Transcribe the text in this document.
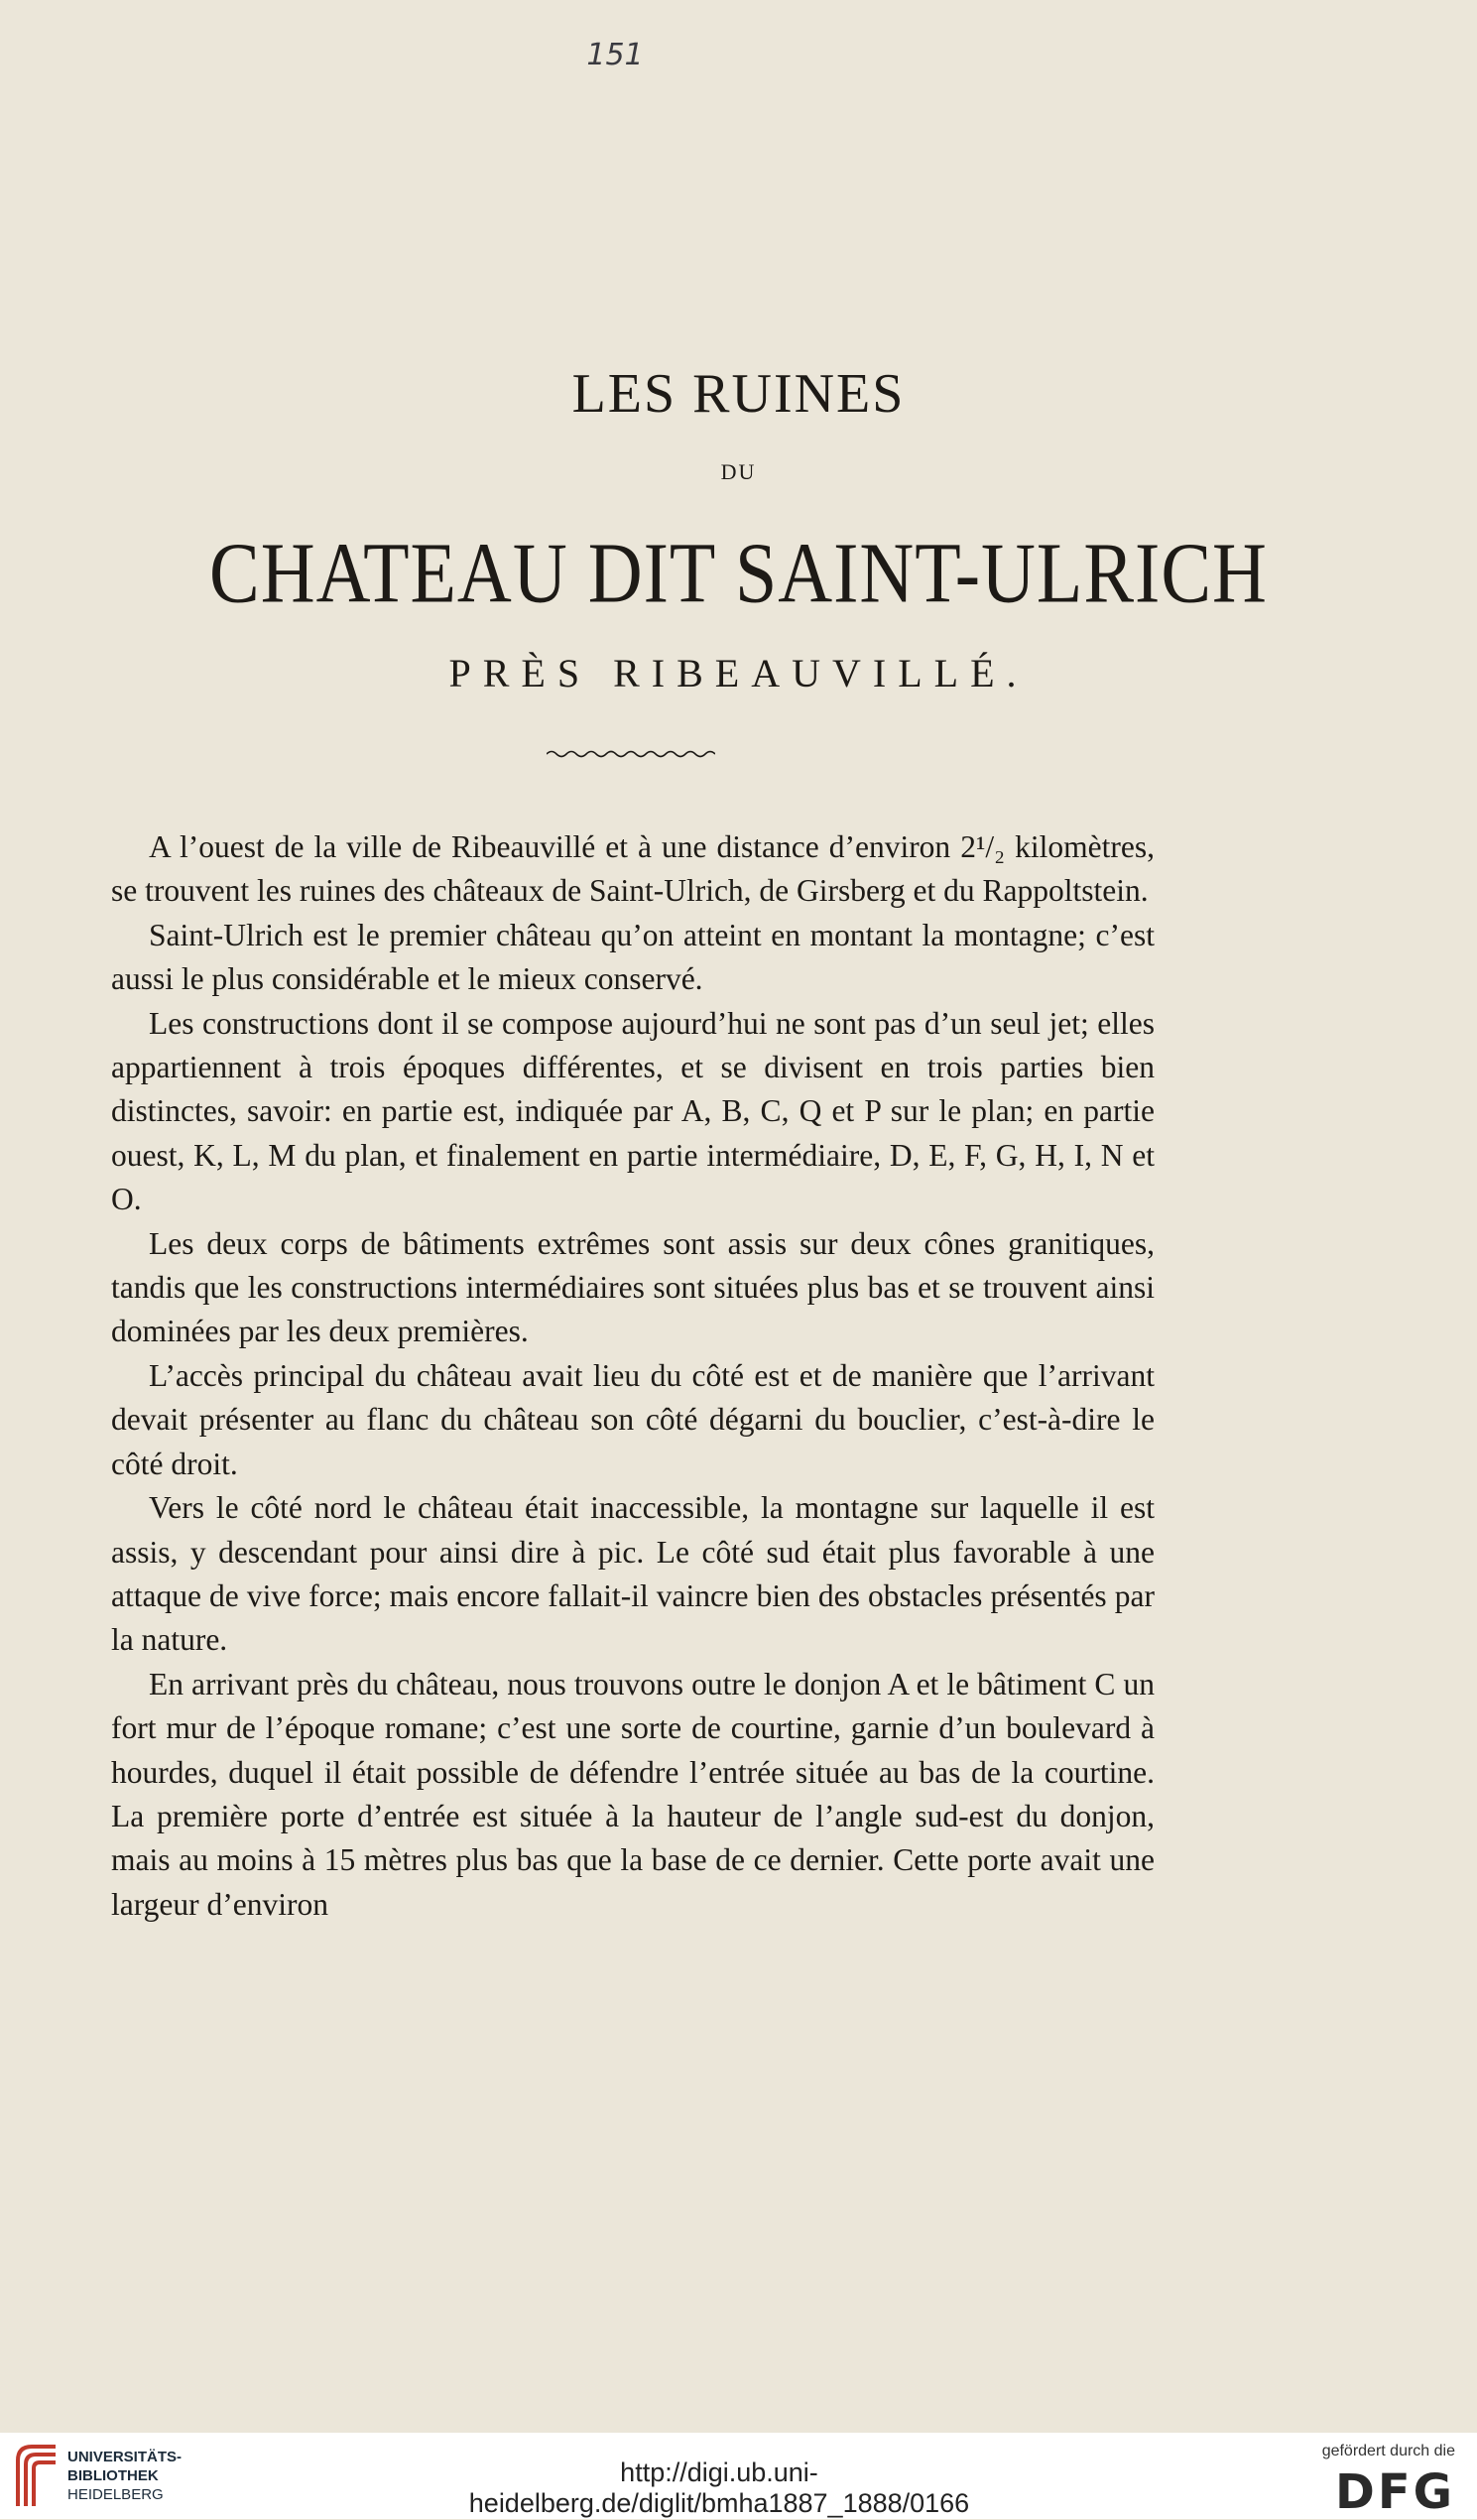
151
LES RUINES
DU
CHATEAU DIT SAINT-ULRICH
PRÈS RIBEAUVILLÉ.

A l’ouest de la ville de Ribeauvillé et à une distance d’environ 2¹/₂ kilomètres, se trouvent les ruines des châteaux de Saint-Ulrich, de Girsberg et du Rappoltstein.

Saint-Ulrich est le premier château qu’on atteint en montant la montagne; c’est aussi le plus considérable et le mieux conservé.

Les constructions dont il se compose aujourd’hui ne sont pas d’un seul jet; elles appartiennent à trois époques différentes, et se divisent en trois parties bien distinctes, savoir: en partie est, indiquée par A, B, C, Q et P sur le plan; en partie ouest, K, L, M du plan, et finalement en partie intermédiaire, D, E, F, G, H, I, N et O.

Les deux corps de bâtiments extrêmes sont assis sur deux cônes granitiques, tandis que les constructions intermédiaires sont situées plus bas et se trouvent ainsi dominées par les deux premières.

L’accès principal du château avait lieu du côté est et de manière que l’arrivant devait présenter au flanc du château son côté dégarni du bouclier, c’est-à-dire le côté droit.

Vers le côté nord le château était inaccessible, la montagne sur laquelle il est assis, y descendant pour ainsi dire à pic. Le côté sud était plus favorable à une attaque de vive force; mais encore fallait-il vaincre bien des obstacles présentés par la nature.

En arrivant près du château, nous trouvons outre le donjon A et le bâtiment C un fort mur de l’époque romane; c’est une sorte de courtine, garnie d’un boulevard à hourdes, duquel il était possible de défendre l’entrée située au bas de la courtine. La première porte d’entrée est située à la hauteur de l’angle sud-est du donjon, mais au moins à 15 mètres plus bas que la base de ce dernier. Cette porte avait une largeur d’environ

UNIVERSITÄTS-
BIBLIOTHEK
HEIDELBERG
http://digi.ub.uni-heidelberg.de/diglit/bmha1887_1888/0166
gefördert durch die
DFG
